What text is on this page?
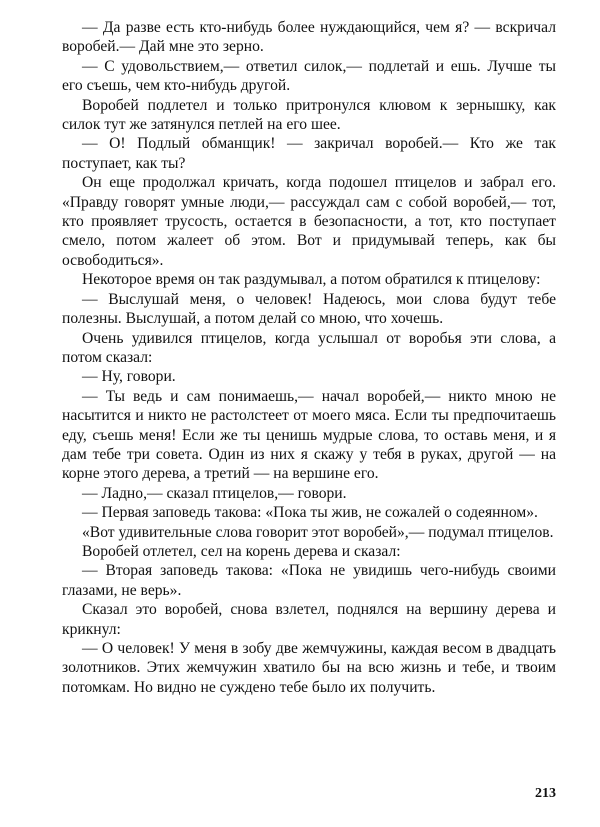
— Да разве есть кто-нибудь более нуждающийся, чем я? — вскричал воробей.— Дай мне это зерно.

— С удовольствием,— ответил силок,— подлетай и ешь. Лучше ты его съешь, чем кто-нибудь другой.

Воробей подлетел и только притронулся клювом к зернышку, как силок тут же затянулся петлей на его шее.

— О! Подлый обманщик! — закричал воробей.— Кто же так поступает, как ты?

Он еще продолжал кричать, когда подошел птицелов и забрал его. «Правду говорят умные люди,— рассуждал сам с собой воробей,— тот, кто проявляет трусость, остается в безопасности, а тот, кто поступает смело, потом жалеет об этом. Вот и придумывай теперь, как бы освободиться».

Некоторое время он так раздумывал, а потом обратился к птицелову:

— Выслушай меня, о человек! Надеюсь, мои слова будут тебе полезны. Выслушай, а потом делай со мною, что хочешь.

Очень удивился птицелов, когда услышал от воробья эти слова, а потом сказал:

— Ну, говори.

— Ты ведь и сам понимаешь,— начал воробей,— никто мною не насытится и никто не растолстеет от моего мяса. Если ты предпочитаешь еду, съешь меня! Если же ты ценишь мудрые слова, то оставь меня, и я дам тебе три совета. Один из них я скажу у тебя в руках, другой — на корне этого дерева, а третий — на вершине его.

— Ладно,— сказал птицелов,— говори.

— Первая заповедь такова: «Пока ты жив, не сожалей о содеянном».

«Вот удивительные слова говорит этот воробей»,— подумал птицелов.

Воробей отлетел, сел на корень дерева и сказал:

— Вторая заповедь такова: «Пока не увидишь чего-нибудь своими глазами, не верь».

Сказал это воробей, снова взлетел, поднялся на вершину дерева и крикнул:

— О человек! У меня в зобу две жемчужины, каждая весом в двадцать золотников. Этих жемчужин хватило бы на всю жизнь и тебе, и твоим потомкам. Но видно не суждено тебе было их получить.

213
